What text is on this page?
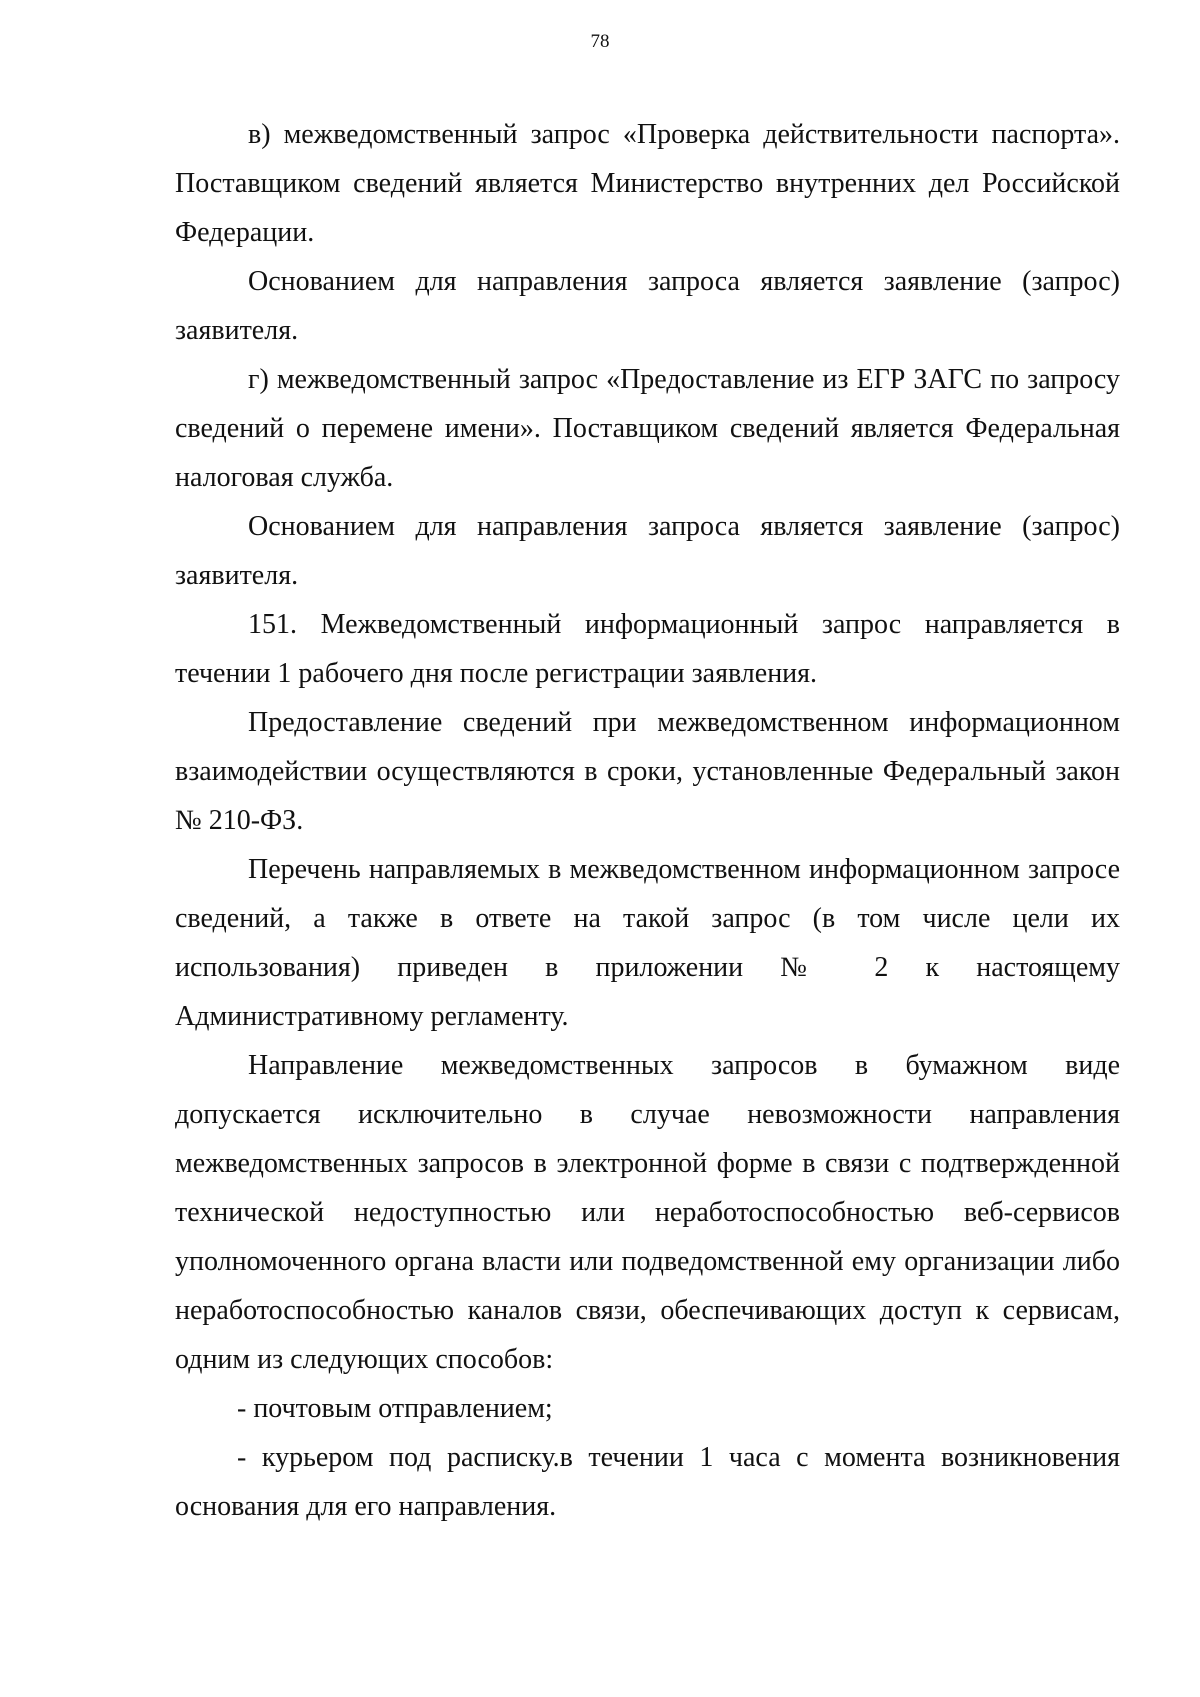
78

в) межведомственный запрос «Проверка действительности паспорта». Поставщиком сведений является Министерство внутренних дел Российской Федерации.

Основанием для направления запроса является заявление (запрос) заявителя.

г) межведомственный запрос «Предоставление из ЕГР ЗАГС по запросу сведений о перемене имени». Поставщиком сведений является Федеральная налоговая служба.

Основанием для направления запроса является заявление (запрос) заявителя.

151. Межведомственный информационный запрос направляется в течении 1 рабочего дня после регистрации заявления.

Предоставление сведений при межведомственном информационном взаимодействии осуществляются в сроки, установленные Федеральный закон № 210-ФЗ.

Перечень направляемых в межведомственном информационном запросе сведений, а также в ответе на такой запрос (в том числе цели их использования) приведен в приложении № 2 к настоящему Административному регламенту.

Направление межведомственных запросов в бумажном виде допускается исключительно в случае невозможности направления межведомственных запросов в электронной форме в связи с подтвержденной технической недоступностью или неработоспособностью веб-сервисов уполномоченного органа власти или подведомственной ему организации либо неработоспособностью каналов связи, обеспечивающих доступ к сервисам, одним из следующих способов:

- почтовым отправлением;

- курьером под расписку.в течении 1 часа с момента возникновения основания для его направления.
